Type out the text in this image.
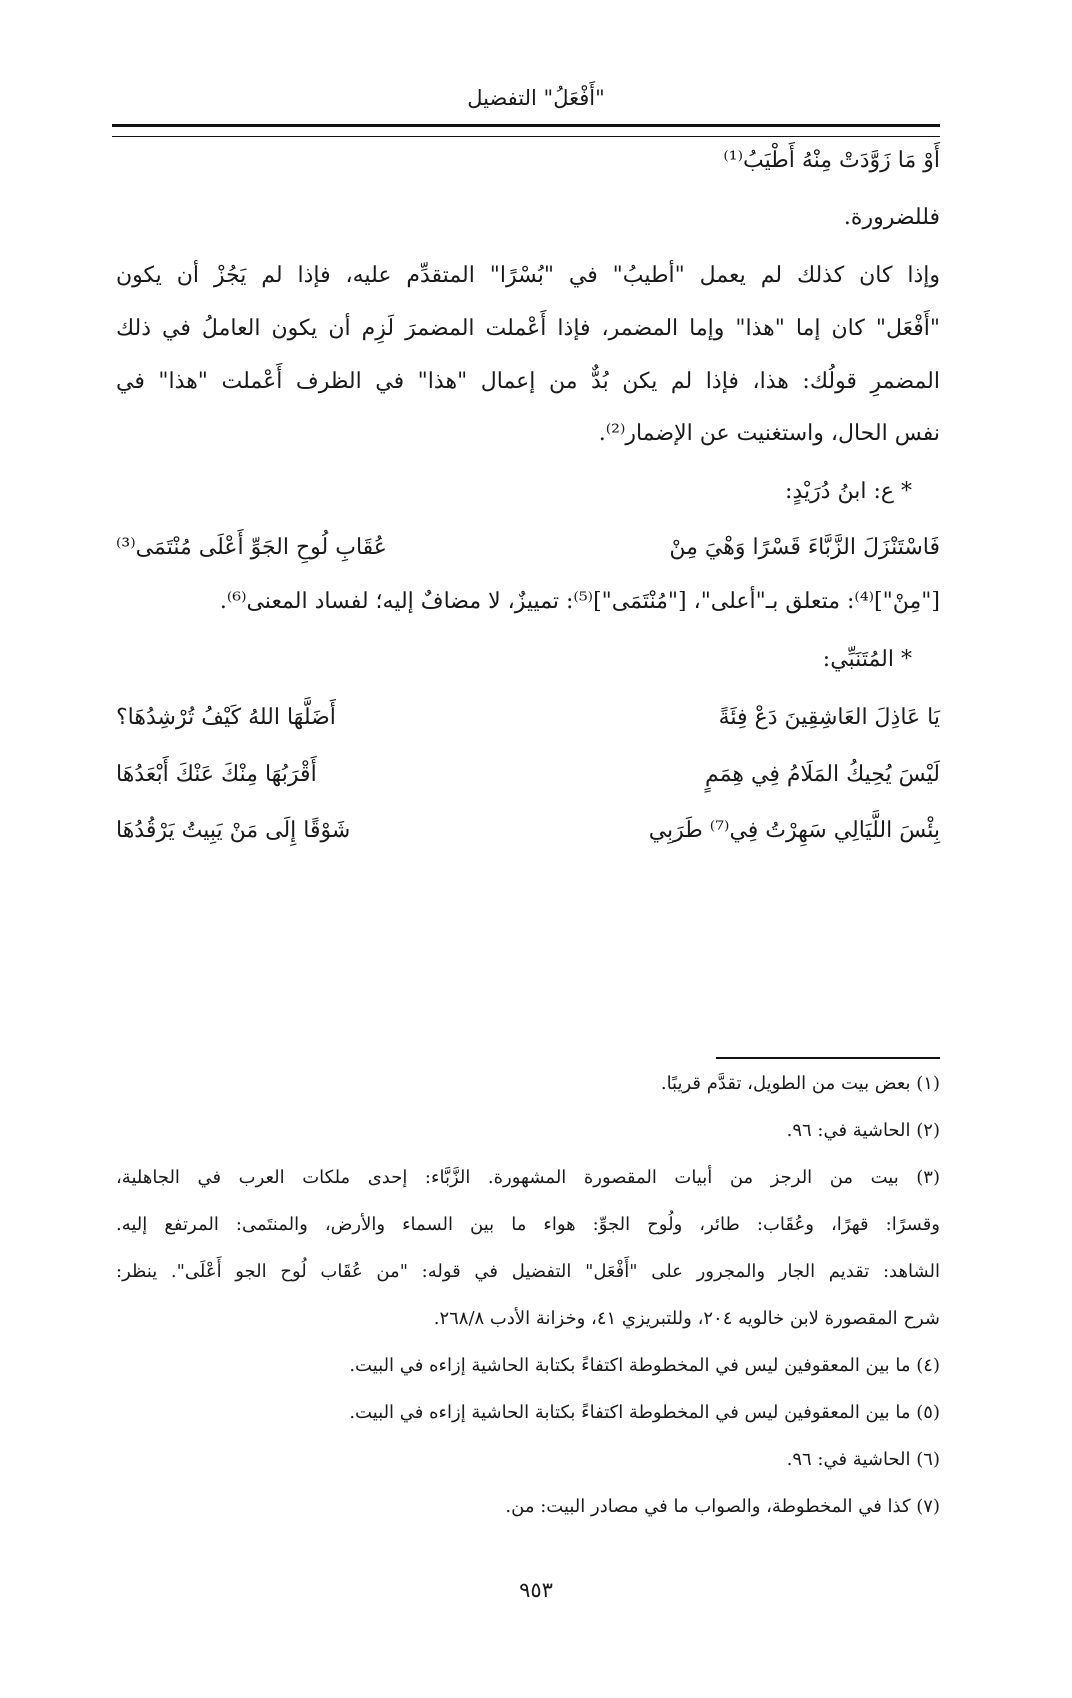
"أَفْعَلُ" التفضيل
أَوْ مَا زَوَّدَتْ مِنْهُ أَطْيَبُ⁽¹⁾
فللضرورة.
وإذا كان كذلك لم يعمل "أطيبُ" في "بُسْرًا" المتقدِّم عليه، فإذا لم يَجُزْ أن يكون
"أَفْعَل" كان إما "هذا" وإما المضمر، فإذا أَعْملت المضمرَ لَزِم أن يكون العاملُ في ذلك
المضمرِ قولُك: هذا، فإذا لم يكن بُدٌّ من إعمال "هذا" في الظرف أَعْملت "هذا" في
نفس الحال، واستغنيت عن الإضمار⁽²⁾.
* ع: ابنُ دُرَيْدٍ:
فَاسْتَنْزَلَ الزَّبَّاءَ قَسْرًا وَهْيَ مِنْ
عُقَابِ لُوحِ الجَوِّ أَعْلَى مُنْتَمَى⁽³⁾
["مِنْ"]⁽⁴⁾: متعلق بـ"أعلى"، ["مُنْتَمَى"]⁽⁵⁾: تمييزٌ، لا مضافٌ إليه؛ لفساد المعنى⁽⁶⁾.
* المُتَنَبِّي:
يَا عَاذِلَ العَاشِقِينَ دَعْ فِئَةً
أَضَلَّهَا اللهُ كَيْفُ تُرْشِدُهَا؟
لَيْسَ يُحِيكُ المَلَامُ فِي هِمَمٍ
أَقْرَبُهَا مِنْكَ عَنْكَ أَبْعَدُهَا
بِئْسَ اللَّيَالِي سَهِرْتُ فِي⁽⁷⁾ طَرَبِي
شَوْقًا إِلَى مَنْ يَبِيتُ يَرْقُدُهَا
(١) بعض بيت من الطويل، تقدَّم قريبًا.
(٢) الحاشية في: ٩٦.
(٣) بيت من الرجز من أبيات المقصورة المشهورة. الزَّبَّاء: إحدى ملكات العرب في الجاهلية،
وقسرًا: قهرًا، وعُقَاب: طائر، ولُوح الجوِّ: هواء ما بين السماء والأرض، والمنتَمى: المرتفع إليه.
الشاهد: تقديم الجار والمجرور على "أَفْعَل" التفضيل في قوله: "من عُقَاب لُوح الجو أَعْلَى". ينظر:
شرح المقصورة لابن خالويه ٢٠٤، وللتبريزي ٤١، وخزانة الأدب ٢٦٨/٨.
(٤) ما بين المعقوفين ليس في المخطوطة اكتفاءً بكتابة الحاشية إزاءه في البيت.
(٥) ما بين المعقوفين ليس في المخطوطة اكتفاءً بكتابة الحاشية إزاءه في البيت.
(٦) الحاشية في: ٩٦.
(٧) كذا في المخطوطة، والصواب ما في مصادر البيت: من.
٩٥٣
